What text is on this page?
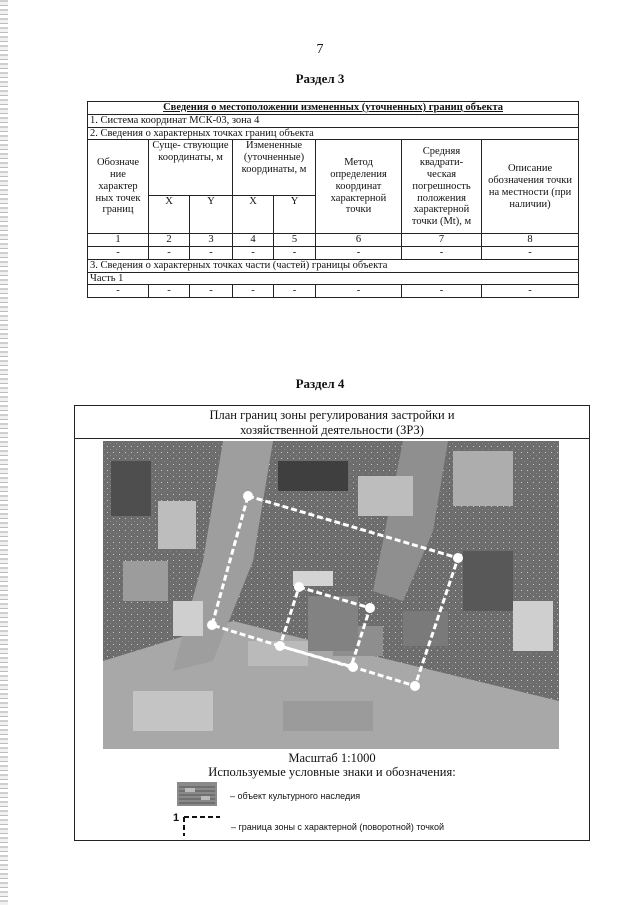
7
Раздел 3
Сведения о местоположении измененных (уточненных) границ объекта							
1. Система координат МСК-03, зона 4							
2. Сведения о характерных точках границ объекта							
Обозначе ние характер ных точек границ	Суще- ствующие координаты, м		Измененные (уточненные) координаты, м		Метод определения координат характерной точки	Средняя квадрати- ческая погрешность положения характерной точки (Mt), м	Описание обозначения точки на местности (при наличии)
	X	Y	X	Y			
1	2	3	4	5	6	7	8
-	-	-	-	-	-	-	-
3. Сведения о характерных точках части (частей) границы объекта							
Часть 1							
-	-	-	-	-	-	-	-
Раздел 4
План границ зоны регулирования застройки и
хозяйственной деятельности (ЗРЗ)
Масштаб 1:1000
Используемые условные знаки и обозначения:
– объект культурного наследия
1
– граница зоны с характерной (поворотной) точкой
